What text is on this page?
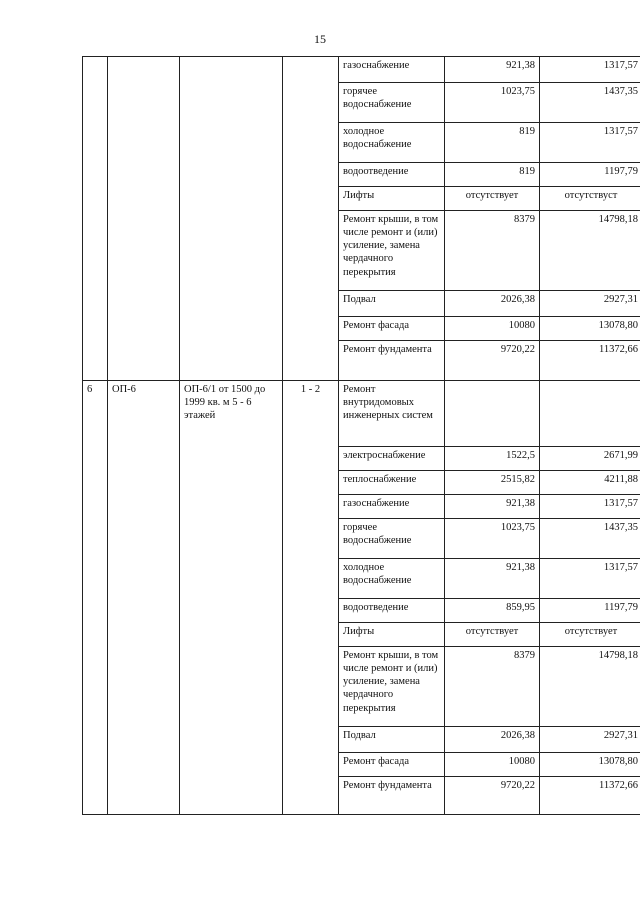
15
				газоснабжение	921,38	1317,57
				горячее водоснабжение	1023,75	1437,35
				холодное водоснабжение	819	1317,57
				водоотведение	819	1197,79
				Лифты	отсутствует	отсутствуст
				Ремонт крыши, в том числе ремонт и (или) усиление, замена чердачного перекрытия	8379	14798,18
				Подвал	2026,38	2927,31
				Ремонт фасада	10080	13078,80
				Ремонт фундамента	9720,22	11372,66
6	ОП-6	ОП-6/1 от 1500 до 1999 кв. м 5 - 6 этажей	1 - 2	Ремонт внутридомовых инженерных систем		
				электроснабжение	1522,5	2671,99
				теплоснабжение	2515,82	4211,88
				газоснабжение	921,38	1317,57
				горячее водоснабжение	1023,75	1437,35
				холодное водоснабжение	921,38	1317,57
				водоотведение	859,95	1197,79
				Лифты	отсутствует	отсутствует
				Ремонт крыши, в том числе ремонт и (или) усиление, замена чердачного перекрытия	8379	14798,18
				Подвал	2026,38	2927,31
				Ремонт фасада	10080	13078,80
				Ремонт фундамента	9720,22	11372,66
